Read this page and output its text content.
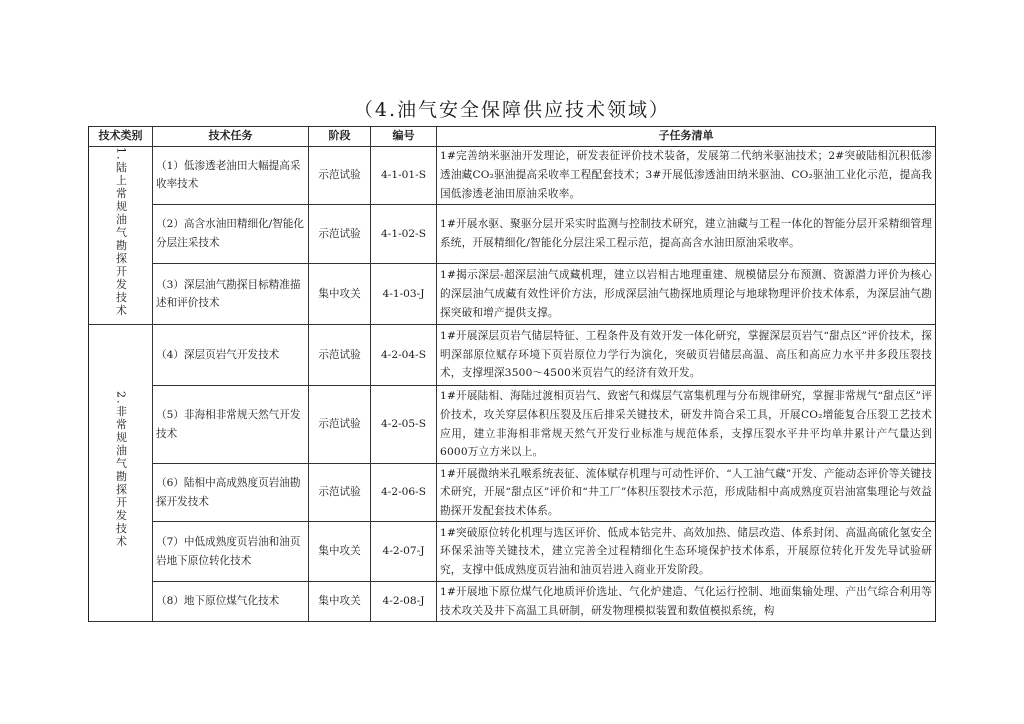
（4.油气安全保障供应技术领域）
技术类别	技术任务	阶段	编号	子任务清单
1.陆上常规油气勘探开发技术	（1）低渗透老油田大幅提高采收率技术	示范试验	4-1-01-S	1#完善纳米驱油开发理论，研发表征评价技术装备，发展第二代纳米驱油技术；2#突破陆相沉积低渗透油藏CO₂驱油提高采收率工程配套技术；3#开展低渗透油田纳米驱油、CO₂驱油工业化示范，提高我国低渗透老油田原油采收率。
	（2）高含水油田精细化/智能化分层注采技术	示范试验	4-1-02-S	1#开展水驱、聚驱分层开采实时监测与控制技术研究，建立油藏与工程一体化的智能分层开采精细管理系统，开展精细化/智能化分层注采工程示范，提高高含水油田原油采收率。
	（3）深层油气勘探目标精准描述和评价技术	集中攻关	4-1-03-J	1#揭示深层-超深层油气成藏机理，建立以岩相古地理重建、规模储层分布预测、资源潜力评价为核心的深层油气成藏有效性评价方法，形成深层油气勘探地质理论与地球物理评价技术体系，为深层油气勘探突破和增产提供支撑。
2.非常规油气勘探开发技术	（4）深层页岩气开发技术	示范试验	4-2-04-S	1#开展深层页岩气储层特征、工程条件及有效开发一体化研究，掌握深层页岩气“甜点区”评价技术，探明深部原位赋存环境下页岩原位力学行为演化，突破页岩储层高温、高压和高应力水平井多段压裂技术，支撑埋深3500～4500米页岩气的经济有效开发。
	（5）非海相非常规天然气开发技术	示范试验	4-2-05-S	1#开展陆相、海陆过渡相页岩气、致密气和煤层气富集机理与分布规律研究，掌握非常规气“甜点区”评价技术，攻关穿层体积压裂及压后排采关键技术，研发井筒合采工具，开展CO₂增能复合压裂工艺技术应用，建立非海相非常规天然气开发行业标准与规范体系，支撑压裂水平井平均单井累计产气量达到6000万立方米以上。
	（6）陆相中高成熟度页岩油勘探开发技术	示范试验	4-2-06-S	1#开展微纳米孔喉系统表征、流体赋存机理与可动性评价、“人工油气藏”开发、产能动态评价等关键技术研究，开展“甜点区”评价和“井工厂”体积压裂技术示范，形成陆相中高成熟度页岩油富集理论与效益勘探开发配套技术体系。
	（7）中低成熟度页岩油和油页岩地下原位转化技术	集中攻关	4-2-07-J	1#突破原位转化机理与选区评价、低成本钻完井、高效加热、储层改造、体系封闭、高温高硫化氢安全环保采油等关键技术，建立完善全过程精细化生态环境保护技术体系，开展原位转化开发先导试验研究，支撑中低成熟度页岩油和油页岩进入商业开发阶段。
	（8）地下原位煤气化技术	集中攻关	4-2-08-J	1#开展地下原位煤气化地质评价选址、气化炉建造、气化运行控制、地面集输处理、产出气综合利用等技术攻关及井下高温工具研制，研发物理模拟装置和数值模拟系统，构
